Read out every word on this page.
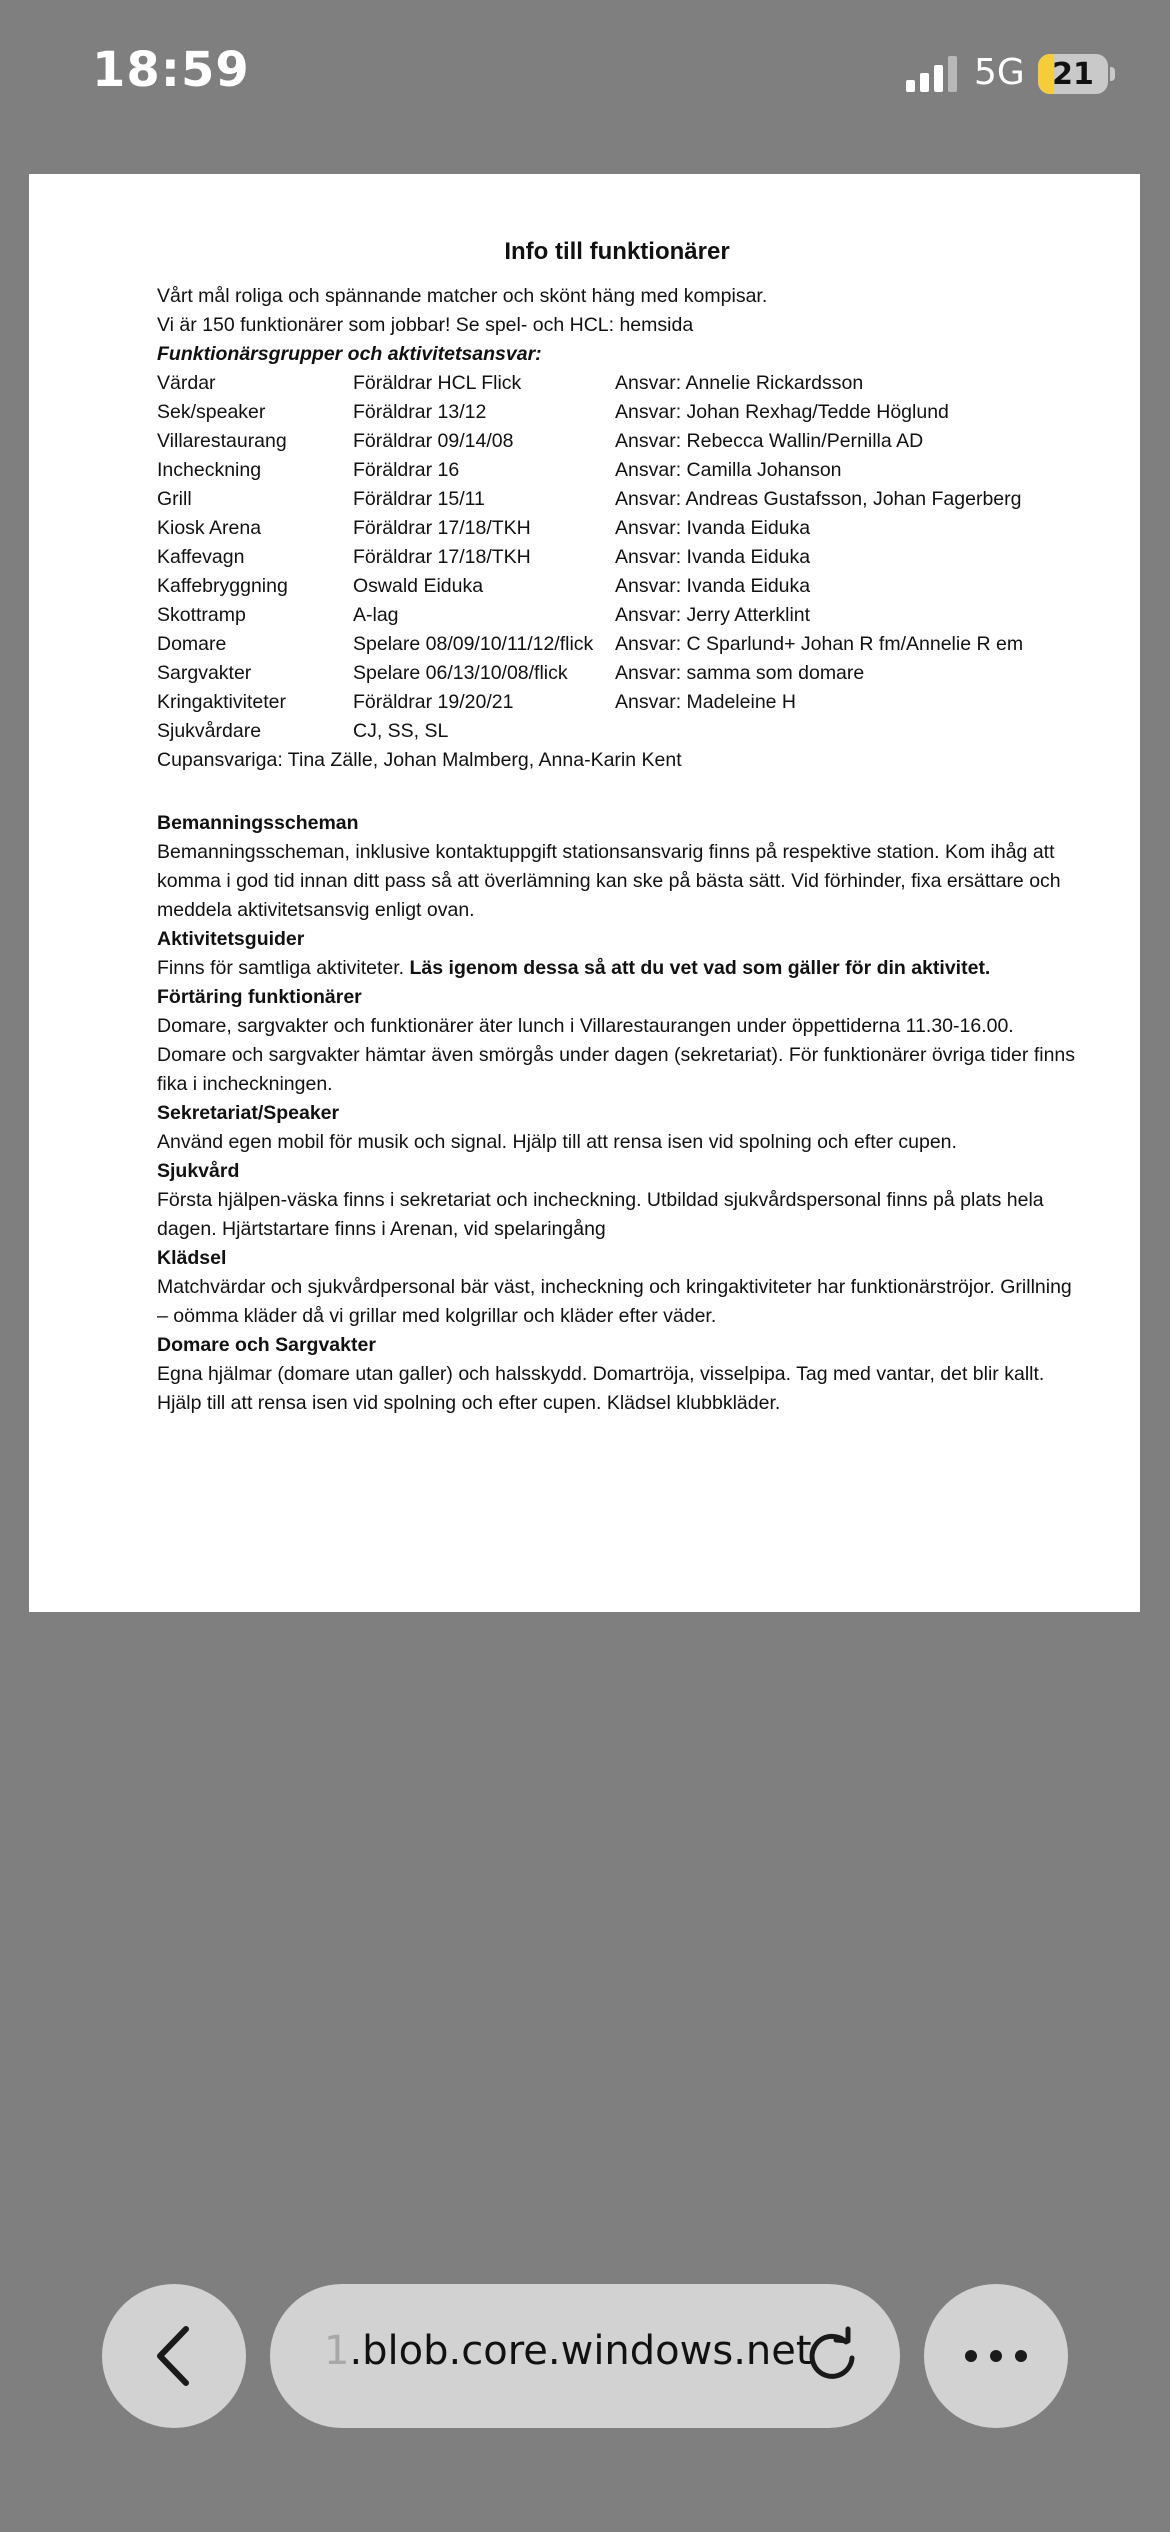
18:59	5G 21
Info till funktionärer

Vårt mål roliga och spännande matcher och skönt häng med kompisar.

Vi är 150 funktionärer som jobbar! Se spel- och HCL: hemsida

Funktionärsgrupper och aktivitetsansvar:

Värdar	Föräldrar HCL Flick	Ansvar: Annelie Rickardsson
Sek/speaker	Föräldrar 13/12	Ansvar: Johan Rexhag/Tedde Höglund
Villarestaurang	Föräldrar 09/14/08	Ansvar: Rebecca Wallin/Pernilla AD
Incheckning	Föräldrar 16	Ansvar: Camilla Johanson
Grill	Föräldrar 15/11	Ansvar: Andreas Gustafsson, Johan Fagerberg
Kiosk Arena	Föräldrar 17/18/TKH	Ansvar: Ivanda Eiduka
Kaffevagn	Föräldrar 17/18/TKH	Ansvar: Ivanda Eiduka
Kaffebryggning	Oswald Eiduka	Ansvar: Ivanda Eiduka
Skottramp	A-lag	Ansvar: Jerry Atterklint
Domare	Spelare 08/09/10/11/12/flick	Ansvar: C Sparlund+ Johan R fm/Annelie R em
Sargvakter	Spelare 06/13/10/08/flick	Ansvar: samma som domare
Kringaktiviteter	Föräldrar 19/20/21	Ansvar: Madeleine H
Sjukvårdare	CJ, SS, SL

Cupansvariga: Tina Zälle, Johan Malmberg, Anna-Karin Kent

Bemanningsscheman

Bemanningsscheman, inklusive kontaktuppgift stationsansvarig finns på respektive station. Kom ihåg att komma i god tid innan ditt pass så att överlämning kan ske på bästa sätt. Vid förhinder, fixa ersättare och meddela aktivitetsansvig enligt ovan.

Aktivitetsguider

Finns för samtliga aktiviteter. Läs igenom dessa så att du vet vad som gäller för din aktivitet.

Förtäring funktionärer

Domare, sargvakter och funktionärer äter lunch i Villarestaurangen under öppettiderna 11.30-16.00. Domare och sargvakter hämtar även smörgås under dagen (sekretariat). För funktionärer övriga tider finns fika i incheckningen.

Sekretariat/Speaker

Använd egen mobil för musik och signal. Hjälp till att rensa isen vid spolning och efter cupen.

Sjukvård

Första hjälpen-väska finns i sekretariat och incheckning. Utbildad sjukvårdspersonal finns på plats hela dagen. Hjärtstartare finns i Arenan, vid spelaringång

Klädsel

Matchvärdar och sjukvårdpersonal bär väst, incheckning och kringaktiviteter har funktionärströjor. Grillning – oömma kläder då vi grillar med kolgrillar och kläder efter väder.

Domare och Sargvakter

Egna hjälmar (domare utan galler) och halsskydd. Domartröja, visselpipa. Tag med vantar, det blir kallt. Hjälp till att rensa isen vid spolning och efter cupen. Klädsel klubbkläder.

1.blob.core.windows.net
